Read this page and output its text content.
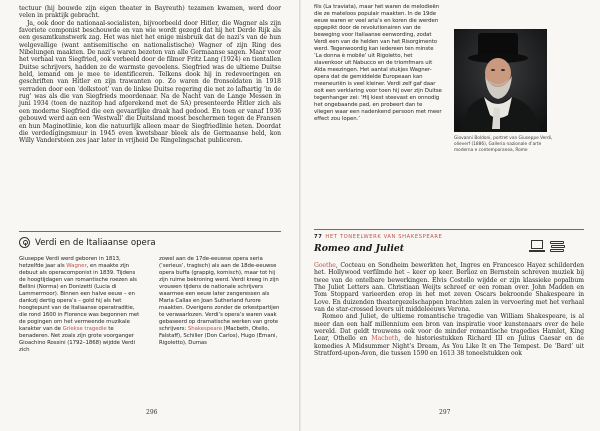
tectuur (hij bouwde zijn eigen theater in Bayreuth) tezamen kwamen, werd door velen in praktijk gebracht.

Ja, ook door de nationaal-socialisten, bijvoorbeeld door Hitler, die Wagner als zijn favoriete componist beschouwde en van wie wordt gezegd dat hij het Derde Rijk als een gesamtkunstwerk zag. Het was niet het enige misbruik dat de nazi’s van de hun welgevallige (want antisemitische en nationalistische) Wagner of zijn Ring des Nibelungen maakten. De nazi’s waren bezeten van alle Germaanse sagen. Maar voor het verhaal van Siegfried, ook verbeeld door de filmer Fritz Lang (1924) en tientallen Duitse schrijvers, hadden ze de warmste gevoelens. Siegfried was de ultieme Duitse held, iemand om je mee te identificeren. Telkens dook hij in redevoeringen en geschriften van Hitler en zijn trawanten op. Zo waren de fronsoldaten in 1918 verraden door een ‘dolkstoot’ van de linkse Duitse regering die net zo lafhartig ‘in de rug’ was als die van Siegfrieds moordenaar. Na de Nacht van de Lange Messen in juni 1934 (toen de nazitop had afgerekend met de SA) presenteerde Hitler zich als een moderne Siegfried die een gevaarlijke draak had gedood. En toen er vanaf 1936 gebouwd werd aan een ‘Westwall’ die Duitsland moest beschermen tegen de Fransen en hun Maginotlinie, kon die natuurlijk alleen maar de Siegfriedlinie heten. Doordat die verdedigingsmuur in 1945 even kwetsbaar bleek als de Germaanse held, kon Willy Vandersteen zes jaar later in vrijheid De Ringelingschat publiceren.

Verdi en de Italiaanse opera
Giuseppe Verdi werd geboren in 1813, hetzelfde jaar als Wagner, en maakte zijn debuut als operacomponist in 1839. Tijdens de hoogtijdagen van romantische roezen als Bellini (Norma) en Donizetti (Lucia di Lammermoor). Binnen een halve eeuw – en dankzij dertig opera’s – gold hij als het hoogtepunt van de Italiaanse operatraditie, die rond 1600 in Florence was begonnen met de pogingen om het vermeende muzikale karakter van de Griekse tragedie te benaderen. Net zoals zijn grote voorganger Gioachino Rossini (1792–1868) wijdde Verdi zich
zowel aan de 17de-eeuwse opera seria (‘serieus’, tragisch) als aan de 18de-eeuwse opera buffa (grappig, komisch), maar tot hij zijn ruime bekroning werd. Verdi kreeg in zijn vrouwen tijdens de nationale schrijvers waarmee een eeuw later zangeressen als Maria Callas en Joan Sutherland furore maakten. Overigens zonder de orkestpartijen te verwaarlozen. Verdi’s opera’s waren vaak gebaseerd op dramatische werken van grote schrijvers: Shakespeare (Macbeth, Otello, Falstaff), Schiller (Don Carlos), Hugo (Ernani, Rigoletto), Dumas
296
fils (La traviata), maar het waren de melodieën die ze mateloos populair maakten. In de 19de eeuw waren er veel aria’s en koren die werden opgepikt door de revolutionairen van de beweging voor Italiaanse eenwording, zodat Verdi een van de helden van het Risorgimento werd. Tegenwoordig kan iedereen ten minste ‘La donna è mobile’ uit Rigoletto, het slavenkoor uit Nabucco en de triomfmars uit Aïda meezingen. Het aantal stukjes Wagner-opera dat de gemiddelde Europeaan kan meeneuriën is veel kleiner. Verdi zelf gaf daar ooit een verklaring voor toen hij over zijn Duitse tegenhanger zei: ‘Hij kiest steevast en onnodig het ongebaande pad, en probeert dan te vliegen waar een nadenkend persoon met meer effect zou lopen.’
Giovanni Boldoni, portret van Giuseppe Verdi, olieverf (1886), Galleria nazionale d’arte moderna e contemporanea, Rome
77 HET TONEELWERK VAN SHAKESPEARE
Romeo and Juliet
Goethe, Cocteau en Sondheim bewerkten het, Ingres en Francesco Hayez schilderden het. Hollywood verfilmde het – keer op keer. Berlioz en Bernstein schreven muziek bij twee van de ontelbare bewerkingen. Elvis Costello wijdde er zijn klassieke popalbum The Juliet Letters aan. Christiaan Weijts schreef er een roman over. John Madden en Tom Stoppard varieerden erop in het met zeven Oscars bekroonde Shakespeare in Love. En duizenden theatergezelschappen brachten zalen in vervoering met het verhaal van de star-crossed lovers uit middeleeuws Verona.
Romeo and Juliet, de ultieme romantische tragedie van William Shakespeare, is al meer dan een half millennium een bron van inspiratie voor kunstenaars over de hele wereld. Dat geldt trouwens ook voor de minder romantische tragedies Hamlet, King Lear, Othello en Macbeth, de historiestukken Richard III en Julius Caesar en de komedies A Midsummer Night’s Dream, As You Like It en The Tempest. De ‘Bard’ uit Stratford-upon-Avon, die tussen 1590 en 1613 38 toneelstukken ook
297
